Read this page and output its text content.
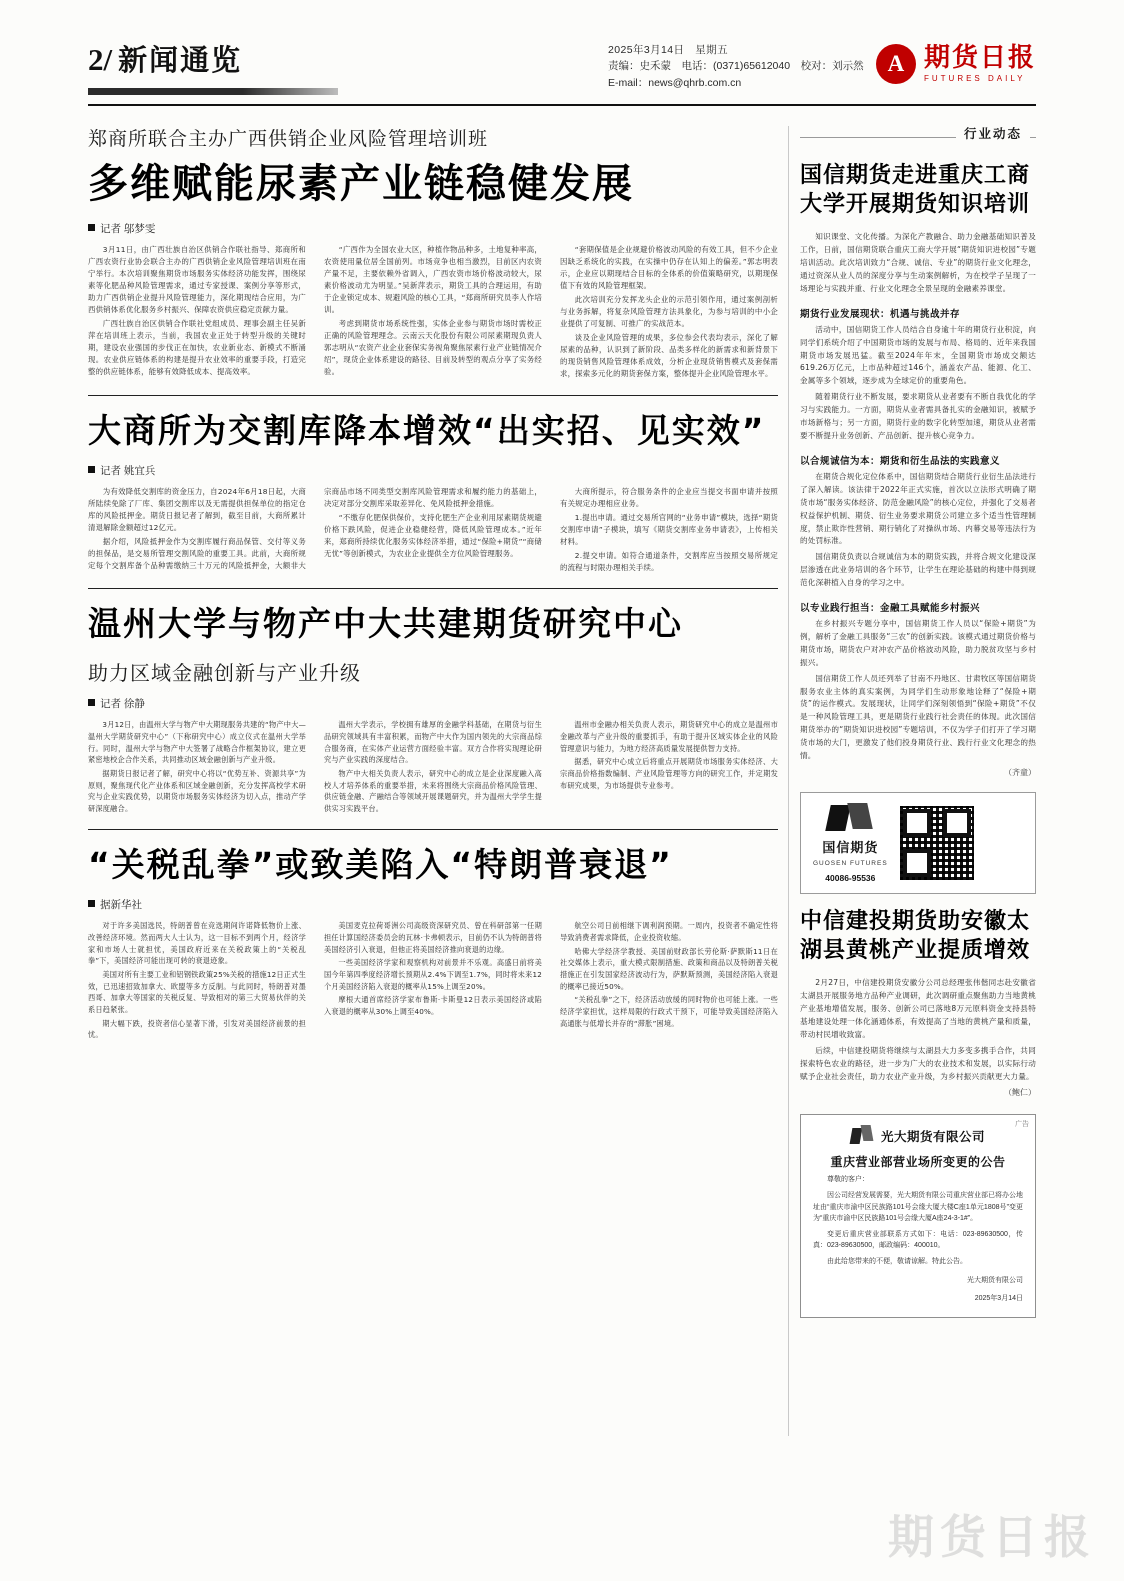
2/ 新闻通览	2025年3月14日　星期五
责编：史禾蒙　电话：(0371)65612040　校对：刘示然
E-mail：news@qhrb.com.cn
A 期货日报
FUTURES DAILY
郑商所联合主办广西供销企业风险管理培训班
多维赋能尿素产业链稳健发展
记者 邬梦雯

3月11日，由广西壮族自治区供销合作联社指导、郑商所和广西农资行业协会联合主办的广西供销企业风险管理培训班在南宁举行。本次培训聚焦期货市场服务实体经济功能发挥，围绕尿素等化肥品种风险管理需求，通过专家授课、案例分享等形式，助力广西供销企业提升风险管理能力，深化期现结合应用，为广西供销体系优化服务乡村振兴、保障农资供应稳定贡献力量。

广西壮族自治区供销合作联社党组成员、理事会副主任吴新萍在培训班上表示，当前，我国农业正处于转型升级的关键时期，建设农业强国的步伐正在加快，农业新业态、新模式不断涌现。农业供应链体系的构建是提升农业效率的重要手段，打造完整的供应链体系，能够有效降低成本、提高效率。

“广西作为全国农业大区，种植作物品种多，土地复种率高，农资使用量位居全国前列。市场竞争也相当激烈，目前区内农资产量不足，主要依赖外省调入，广西农资市场价格波动较大，尿素价格波动尤为明显。”吴新萍表示，期货工具的合理运用，有助于企业锁定成本、规避风险的核心工具，“郑商所研究员李人作培训。

考虑到期货市场系统性强，实体企业参与期货市场时需校正正确的风险管理理念。云南云天化股份有限公司尿素期现负责人郭志明从“农资产业企业套保实务视角聚焦尿素行业产业链情况介绍”，现货企业体系建设的路径、目前及转型的观点分享了实务经验。

“套期保值是企业规避价格波动风险的有效工具，但不少企业因缺乏系统化的实践，在实操中仍存在认知上的偏差。”郭志明表示，企业应以期现结合目标的全体系的价值策略研究，以期现保值下有效的风险管理框架。

此次培训充分发挥龙头企业的示范引领作用，通过案例剖析与业务拆解，将复杂风险管理方法具象化，为参与培训的中小企业提供了可复制、可推广的实战范本。

谈及企业风险管理的成果，多位参会代表均表示，深化了解尿素的品种，认识到了新阶段、品类多样化的新需求和新背景下的现货销售风险管理体系成效，分析企业现货销售模式及套保需求，探索多元化的期货套保方案，整体提升企业风险管理水平。

大商所为交割库降本增效“出实招、见实效”
记者 姚宜兵

为有效降低交割库的资金压力，自2024年6月18日起，大商所陆续免除了厂库、集团交割库以及无需提供担保单位的指定仓库的风险抵押金。期货日报记者了解到，截至目前，大商所累计清退解除金额超过12亿元。

据介绍，风险抵押金作为交割库履行商品保管、交付等义务的担保品，是交易所管理交割风险的重要工具。此前，大商所规定每个交割库备个品种需缴纳三十万元的风险抵押金，大额非大宗商品市场不同类型交割库风险管理需求和履约能力的基础上，决定对部分交割库采取差异化、免风险抵押金措施。

“不缴存化肥保供保价，支持化肥生产企业利用尿素期货规避价格下跌风险，促进企业稳健经营，降低风险管理成本。”近年来，郑商所持续优化服务实体经济举措，通过“保险+期货”“商储无忧”等创新模式，为农业企业提供全方位风险管理服务。

大商所提示，符合服务条件的企业应当提交书面申请并按照有关规定办理相应业务。

1.提出申请。通过交易所官网的“业务申请”模块，选择“期货交割库申请”子模块，填写《期货交割库业务申请表》，上传相关材料。

2.提交申请。如符合通道条件，交割库应当按照交易所规定的流程与时限办理相关手续。

温州大学与物产中大共建期货研究中心
助力区域金融创新与产业升级
记者 徐静

3月12日，由温州大学与物产中大期现服务共建的“物产中大—温州大学期货研究中心”（下称研究中心）成立仪式在温州大学举行。同时，温州大学与物产中大签署了战略合作框架协议，建立更紧密地校企合作关系，共同推动区域金融创新与产业升级。

据期货日报记者了解，研究中心将以“优势互补、资源共享”为原则，聚焦现代化产业体系和区域金融创新，充分发挥高校学术研究与企业实践优势，以期货市场服务实体经济为切入点，推动产学研深度融合。

温州大学表示，学校拥有雄厚的金融学科基础，在期货与衍生品研究领域具有丰富积累，而物产中大作为国内领先的大宗商品综合服务商，在实体产业运营方面经验丰富。双方合作将实现理论研究与产业实践的深度结合。

物产中大相关负责人表示，研究中心的成立是企业深度融入高校人才培养体系的重要举措，未来将围绕大宗商品价格风险管理、供应链金融、产融结合等领域开展课题研究，并为温州大学学生提供实习实践平台。

温州市金融办相关负责人表示，期货研究中心的成立是温州市金融改革与产业升级的重要抓手，有助于提升区域实体企业的风险管理意识与能力，为地方经济高质量发展提供智力支持。

据悉，研究中心成立后将重点开展期货市场服务实体经济、大宗商品价格指数编制、产业风险管理等方向的研究工作，并定期发布研究成果，为市场提供专业参考。

“关税乱拳”或致美陷入“特朗普衰退”
据新华社

对于许多美国选民，特朗普曾在竞选期间许诺降低物价上涨、改善经济环境。然而两大人士认为，这一目标不到两个月，经济学家和市场人士就担忧，美国政府近来在关税政策上的“关税乱拳”下，美国经济可能出现可转的衰退迹象。

美国对所有主要工业和铝钢铁政策25%关税的措施12日正式生效，已迅速招致加拿大、欧盟等多方反制。与此同时，特朗普对墨西哥、加拿大等国家的关税反复、导致相对的第三大贸易伙伴的关系日趋紧张。

期大幅下跌，投资者信心显著下滑，引发对美国经济前景的担忧。

美国麦克拉荷哥洲公司高级资深研究员、曾在科研部第一任期担任计算国经济委员会的瓦林·卡弗顿表示，目前仍不认为特朗普将美国经济引入衰退，但他正将美国经济推向衰退的边缘。

一些美国经济学家和观察机构对前景并不乐观。高盛日前将美国今年第四季度经济增长预期从2.4%下调至1.7%，同时将未来12个月美国经济陷入衰退的概率从15%上调至20%。

摩根大通首席经济学家布鲁斯·卡斯曼12日表示美国经济或陷入衰退的概率从30%上调至40%。

航空公司日前相继下调利润预期。一周内，投资者不确定性将导致消费者需求降低，企业投资收缩。

哈佛大学经济学教授、美国前财政部长劳伦斯·萨默斯11日在社交媒体上表示，重大模式限制措施、政策和商品以及特朗普关税措施正在引发国家经济波动行为，萨默斯预测，美国经济陷入衰退的概率已接近50%。

“关税乱拳”之下，经济活动放缓的同时物价也可能上涨。一些经济学家担忧，这样局限的行政式干预下，可能导致美国经济陷入高通胀与低增长并存的“滞胀”困境。

行业动态
国信期货走进重庆工商大学开展期货知识培训

知识课堂、文化传播。为深化产教融合、助力金融基础知识普及工作，日前，国信期货联合重庆工商大学开展“期货知识进校园”专题培训活动。此次培训致力“合规、诚信、专业”的期货行业文化理念，通过资深从业人员的深度分享与生动案例解析，为在校学子呈现了一场理论与实践并重、行业文化理念全景呈现的金融素养课堂。

期货行业发展现状：机遇与挑战并存

活动中，国信期货工作人员结合自身逾十年的期货行业积淀，向同学们系统介绍了中国期货市场的发展与布局、格局的、近年来我国期货市场发展迅猛。截至2024年年末，全国期货市场成交额达619.26万亿元，上市品种超过146个，涵盖农产品、能源、化工、金属等多个领域，逐步成为全球定价的重要角色。

随着期货行业不断发展，要求期货从业者要有不断自我优化的学习与实践能力。一方面，期货从业者需具备扎实的金融知识，被赋予市场新格与；另一方面，期货行业的数字化转型加速，期货从业者需要不断提升业务创新、产品创新、提升核心竞争力。

以合规诚信为本：期货和衍生品法的实践意义

在期货合规化定位体系中，国信期货结合期货行业衍生品法进行了深入解读。该法律于2022年正式实施，首次以立法形式明确了期货市场“服务实体经济、防范金融风险”的核心定位，并强化了交易者权益保护机制、期货、衍生业务要求期货公司建立多个适当性管理制度，禁止欺诈性营销、期行销化了对操纵市场、内幕交易等违法行为的处罚标准。

国信期货负责以合规诚信为本的期货实践，并将合规文化建设深层渗透在此业务培训的各个环节，让学生在理论基础的构建中得到规范化深耕植入自身的学习之中。

以专业践行担当：金融工具赋能乡村振兴

在乡村振兴专题分享中，国信期货工作人员以“保险+期货”为例，解析了金融工具服务“三农”的创新实践。该模式通过期货价格与期货市场，期货农户对冲农产品价格波动风险，助力脱贫攻坚与乡村振兴。

国信期货工作人员还列举了甘南不丹地区、甘肃牧区等国信期货服务农业主体的真实案例，为同学们生动形象地诠释了“保险+期货”的运作模式。发展现状，让同学们深刻领悟到“保险+期货”不仅是一种风险管理工具，更是期货行业践行社会责任的体现。此次国信期货举办的“期货知识进校园”专题培训，不仅为学子们打开了学习期货市场的大门，更激发了他们投身期货行业、践行行业文化理念的热情。

（齐童）
国信期货
GUOSEN FUTURES
40086-95536
中信建投期货助安徽太湖县黄桃产业提质增效

2月27日，中信建投期货安徽分公司总经理张伟偕同志赴安徽省太湖县开展服务地方品种产业调研，此次调研重点聚焦助力当地黄桃产业基地增值发展，服务、创新公司已落地8万元原料资金支持县特基地建设处理一体化涵通体系，有效提高了当地的黄桃产量和质量，带动村民增收致富。

后续，中信建投期货将继续与太湖县大力多变多携手合作，共同探索特色农业的路径，进一步为广大的农业技术和发展，以实际行动赋予企业社会责任，助力农业产业升级，为乡村振兴贡献更大力量。

（鲍仁）
广告
光大期货有限公司
重庆营业部营业场所变更的公告

尊敬的客户：

因公司经营发展需要，光大期货有限公司重庆营业部已将办公地址由“重庆市渝中区民族路101号会缘大厦大楼C座1单元1808号”变更为“重庆市渝中区民族路101号会缘大厦A座24-3-1#”。

变更后重庆营业部联系方式如下：电话：023-89630500，传真：023-89630500，邮政编码：400010。

由此给您带来的不便，敬请谅解。特此公告。

光大期货有限公司
2025年3月14日
期货日报
